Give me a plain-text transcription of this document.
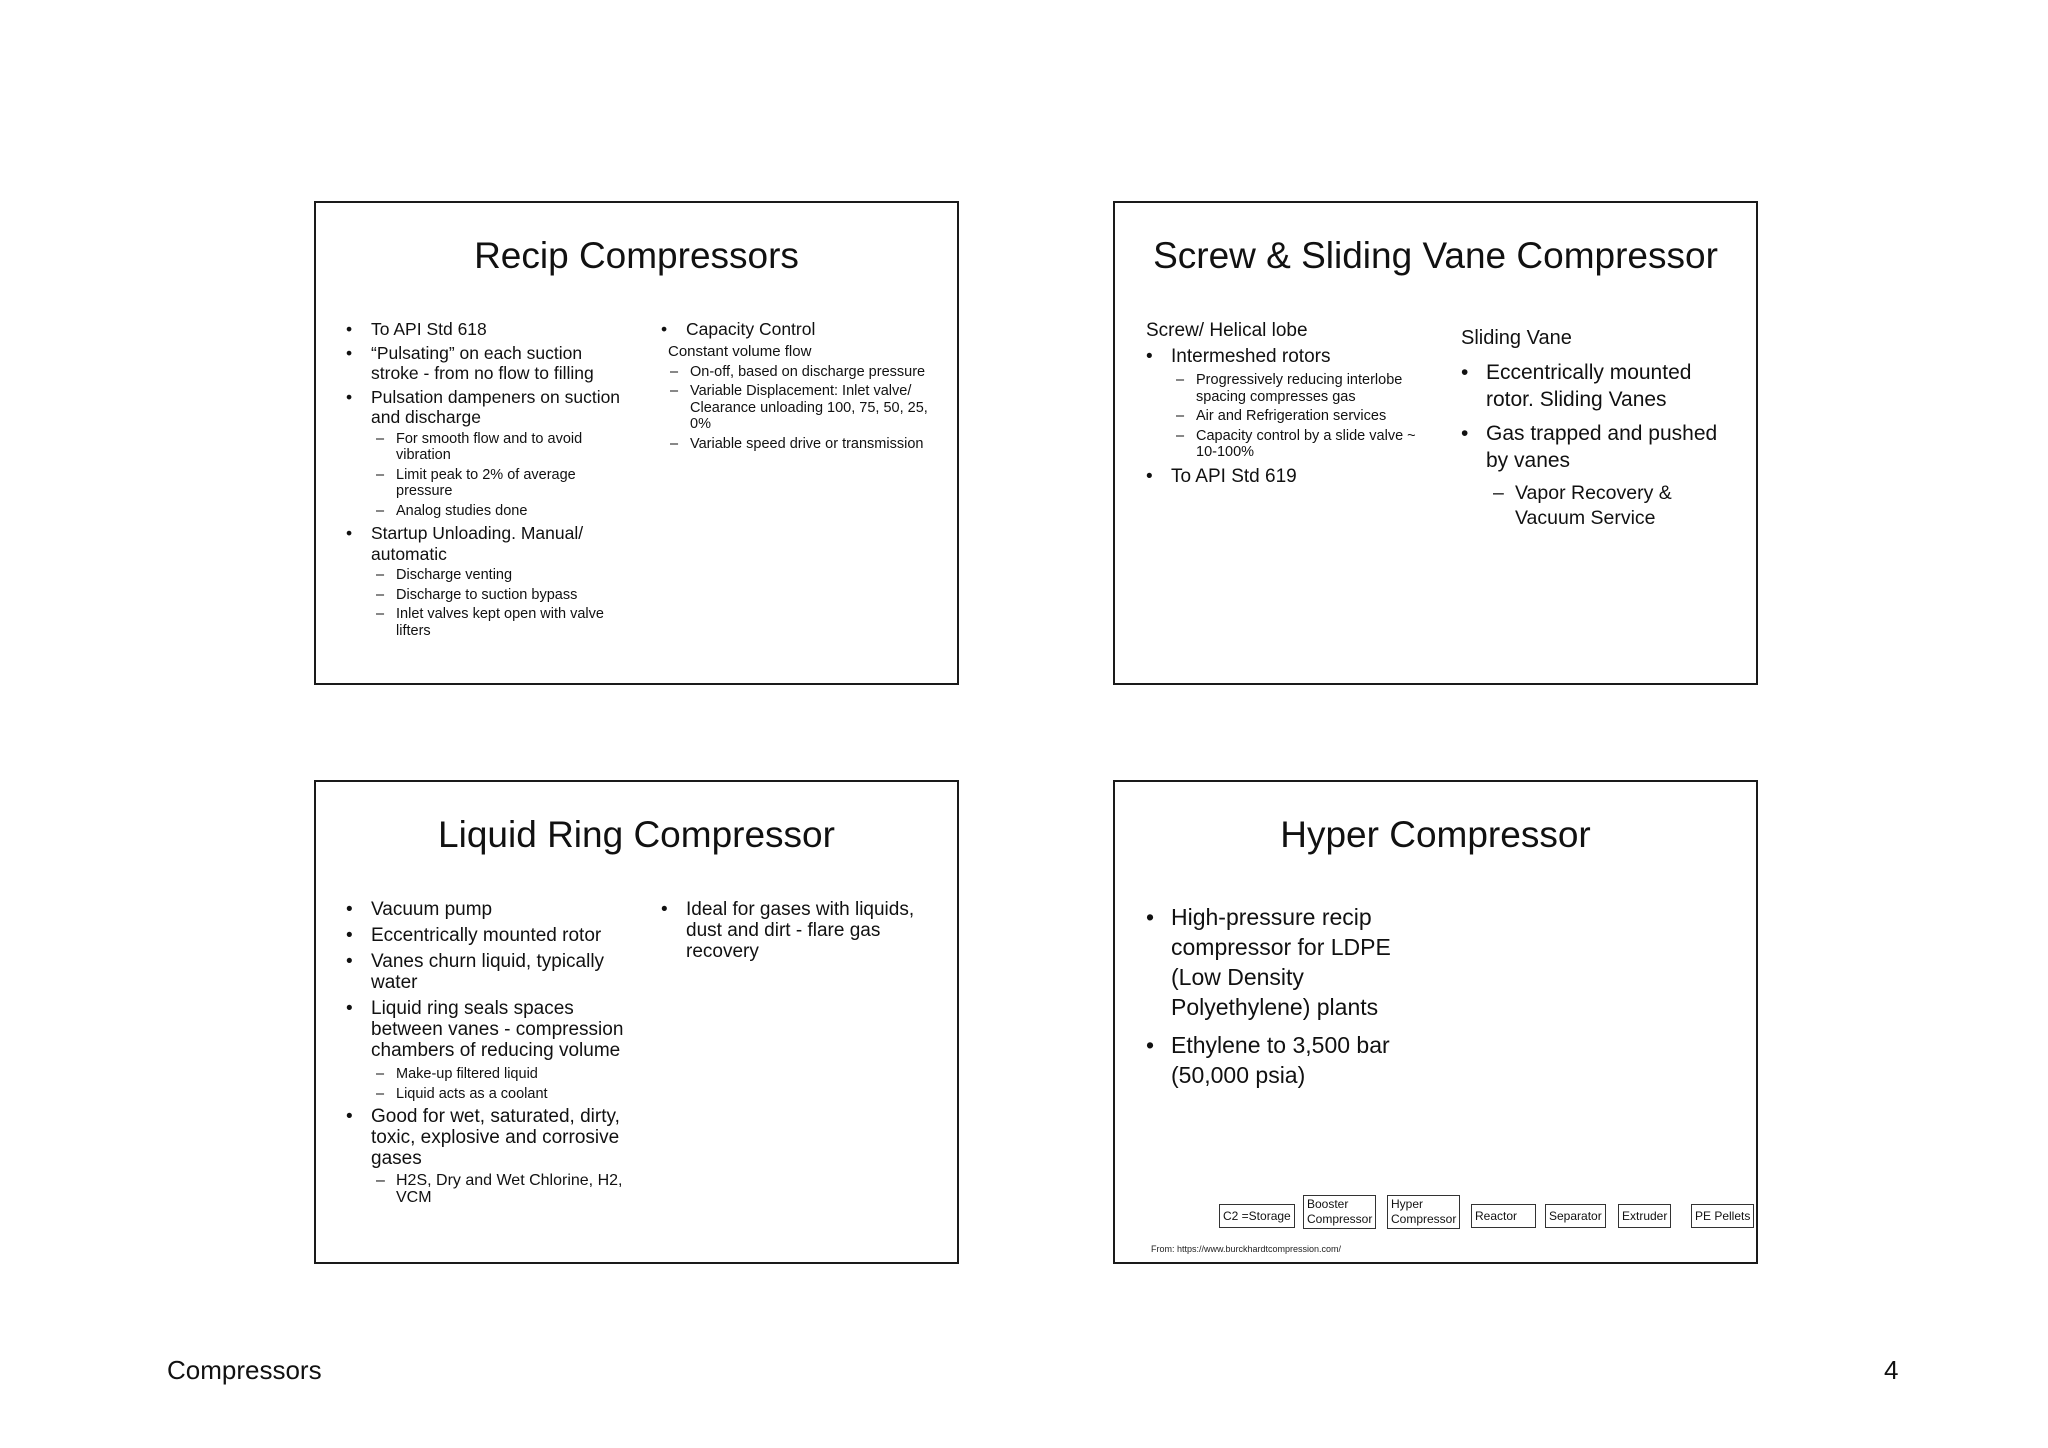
Recip Compressors
• To API Std 618
• “Pulsating” on each suction stroke - from no flow to filling
• Pulsation dampeners on suction and discharge
– For smooth flow and to avoid vibration
– Limit peak to 2% of average pressure
– Analog studies done
• Startup Unloading. Manual/ automatic
– Discharge venting
– Discharge to suction bypass
– Inlet valves kept open with valve lifters
• Capacity Control
Constant volume flow
– On-off, based on discharge pressure
– Variable Displacement: Inlet valve/ Clearance unloading 100, 75, 50, 25, 0%
– Variable speed drive or transmission
Screw & Sliding Vane Compressor
Screw/ Helical lobe
• Intermeshed rotors
– Progressively reducing interlobe spacing compresses gas
– Air and Refrigeration services
– Capacity control by a slide valve ~ 10-100%
• To API Std 619
Sliding Vane
• Eccentrically mounted rotor. Sliding Vanes
• Gas trapped and pushed by vanes
– Vapor Recovery & Vacuum Service
Liquid Ring Compressor
• Vacuum pump
• Eccentrically mounted rotor
• Vanes churn liquid, typically water
• Liquid ring seals spaces between vanes - compression chambers of reducing volume
– Make-up filtered liquid
– Liquid acts as a coolant
• Good for wet, saturated, dirty, toxic, explosive and corrosive gases
– H2S, Dry and Wet Chlorine, H2, VCM
• Ideal for gases with liquids, dust and dirt - flare gas recovery
Hyper Compressor
• High-pressure recip compressor for LDPE (Low Density Polyethylene) plants
• Ethylene to 3,500 bar (50,000 psia)
C2 =Storage
Booster
Compressor
Hyper
Compressor	Reactor	Separator	Extruder	PE Pellets
From: https://www.burckhardtcompression.com/
Compressors	4
